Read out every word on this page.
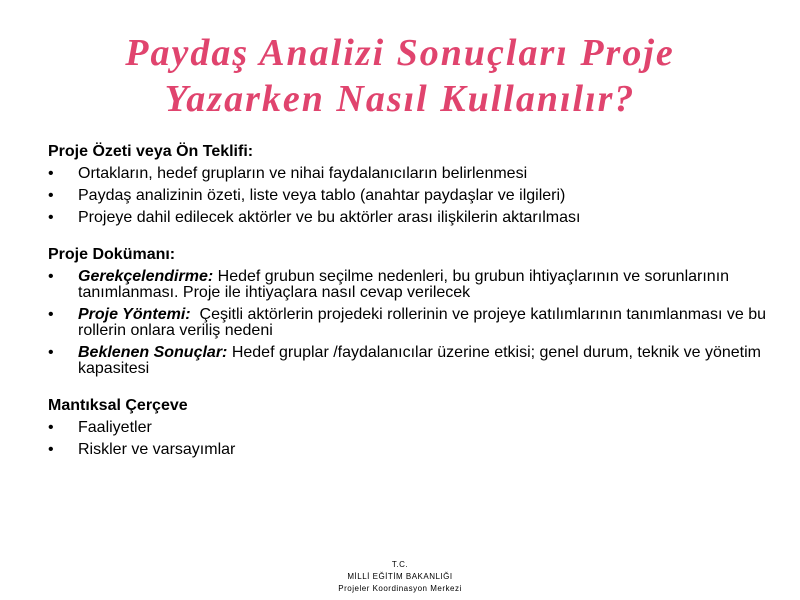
Paydaş Analizi Sonuçları Proje
Yazarken Nasıl Kullanılır?

Proje Özeti veya Ön Teklifi:

• Ortakların, hedef grupların ve nihai faydalanıcıların belirlenmesi
• Paydaş analizinin özeti, liste veya tablo (anahtar paydaşlar ve ilgileri)
• Projeye dahil edilecek aktörler ve bu aktörler arası ilişkilerin aktarılması

Proje Dokümanı:

• Gerekçelendirme: Hedef grubun seçilme nedenleri, bu grubun ihtiyaçlarının ve sorunlarının tanımlanması. Proje ile ihtiyaçlara nasıl cevap verilecek
• Proje Yöntemi:  Çeşitli aktörlerin projedeki rollerinin ve projeye katılımlarının tanımlanması ve bu rollerin onlara veriliş nedeni
• Beklenen Sonuçlar: Hedef gruplar /faydalanıcılar üzerine etkisi; genel durum, teknik ve yönetim kapasitesi

Mantıksal Çerçeve

• Faaliyetler
• Riskler ve varsayımlar
T.C.
MİLLİ EĞİTİM BAKANLIĞI
Projeler Koordinasyon Merkezi
